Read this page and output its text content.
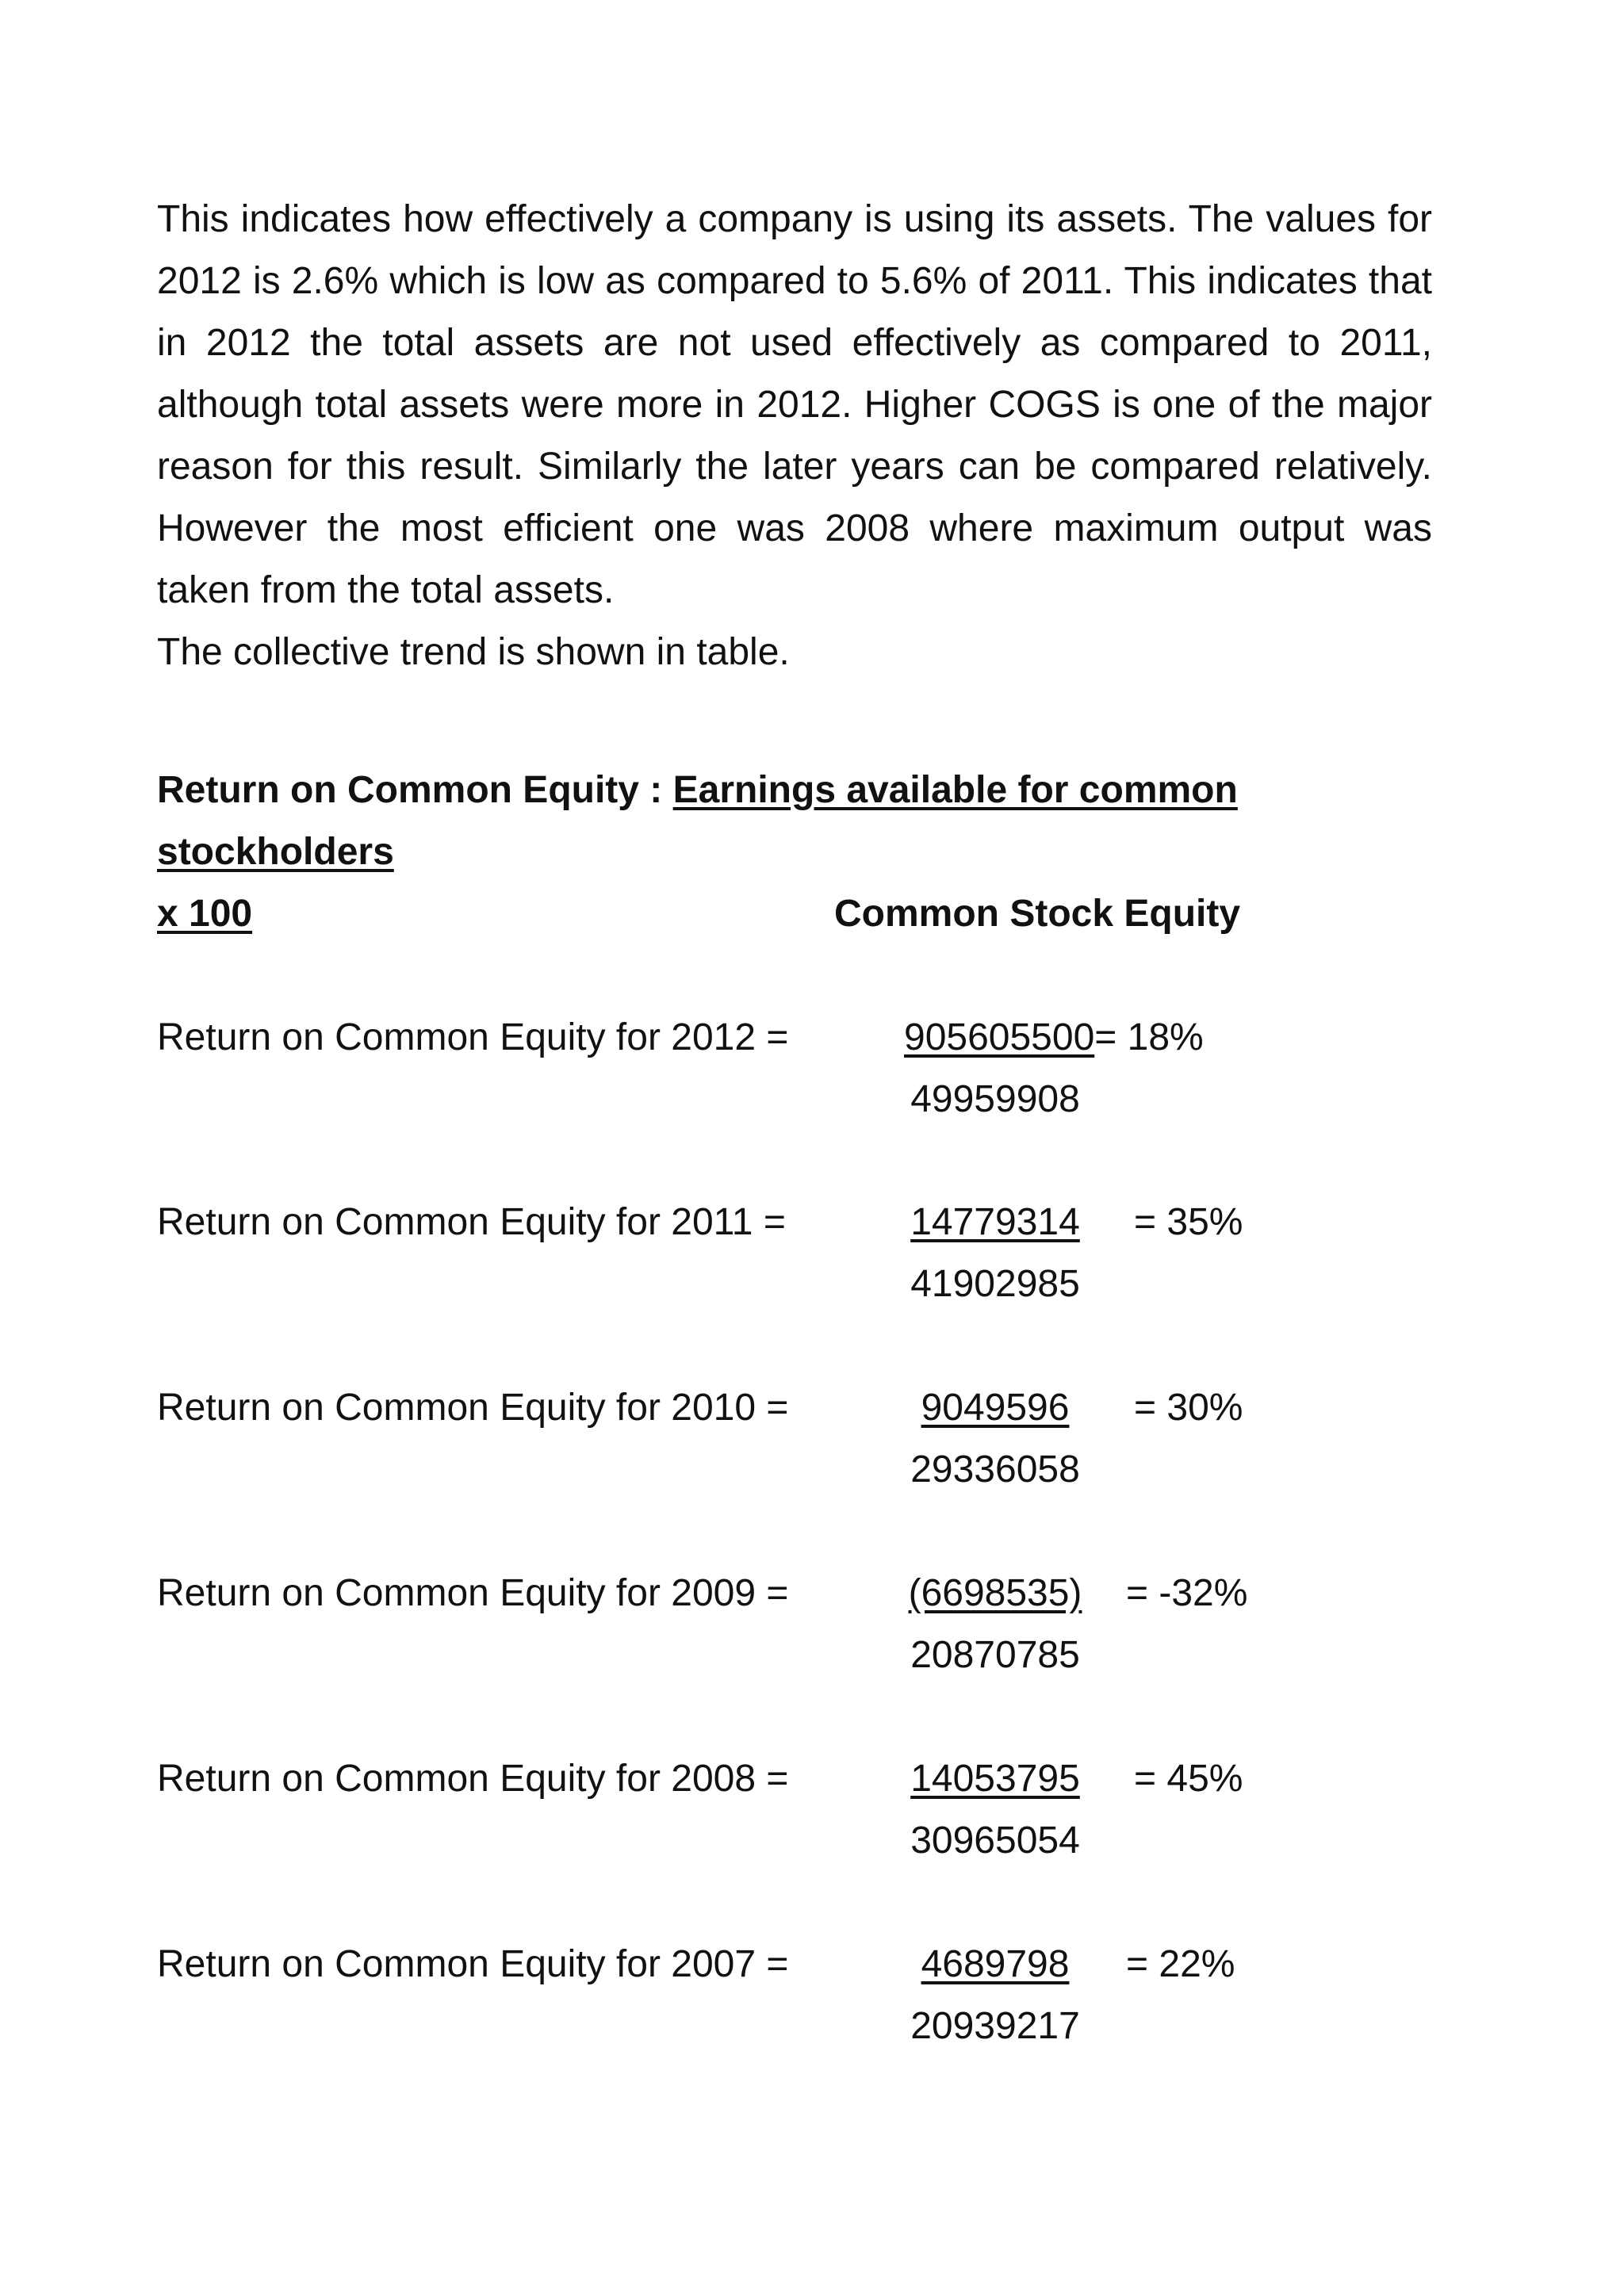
This indicates how effectively a company is using its assets. The values for 2012 is 2.6% which is low as compared to 5.6% of 2011. This indicates that in 2012 the total assets are not used effectively as compared to 2011, although total assets were more in 2012. Higher COGS is one of the major reason for this result. Similarly the later years can be compared relatively. However the most efficient one was 2008 where maximum output was taken from the total assets.

The collective trend is shown in table.
Return on Common Equity : Earnings available for common stockholders
x 100	Common Stock Equity
Return on Common Equity for 2012 =	905605500= 18%
49959908
Return on Common Equity for 2011 =	14779314 = 35%
41902985
Return on Common Equity for 2010 =	9049596 = 30%
29336058
Return on Common Equity for 2009 =	(6698535) = -32%
20870785
Return on Common Equity for 2008 =	14053795 = 45%
30965054
Return on Common Equity for 2007 =	4689798 = 22%
20939217
